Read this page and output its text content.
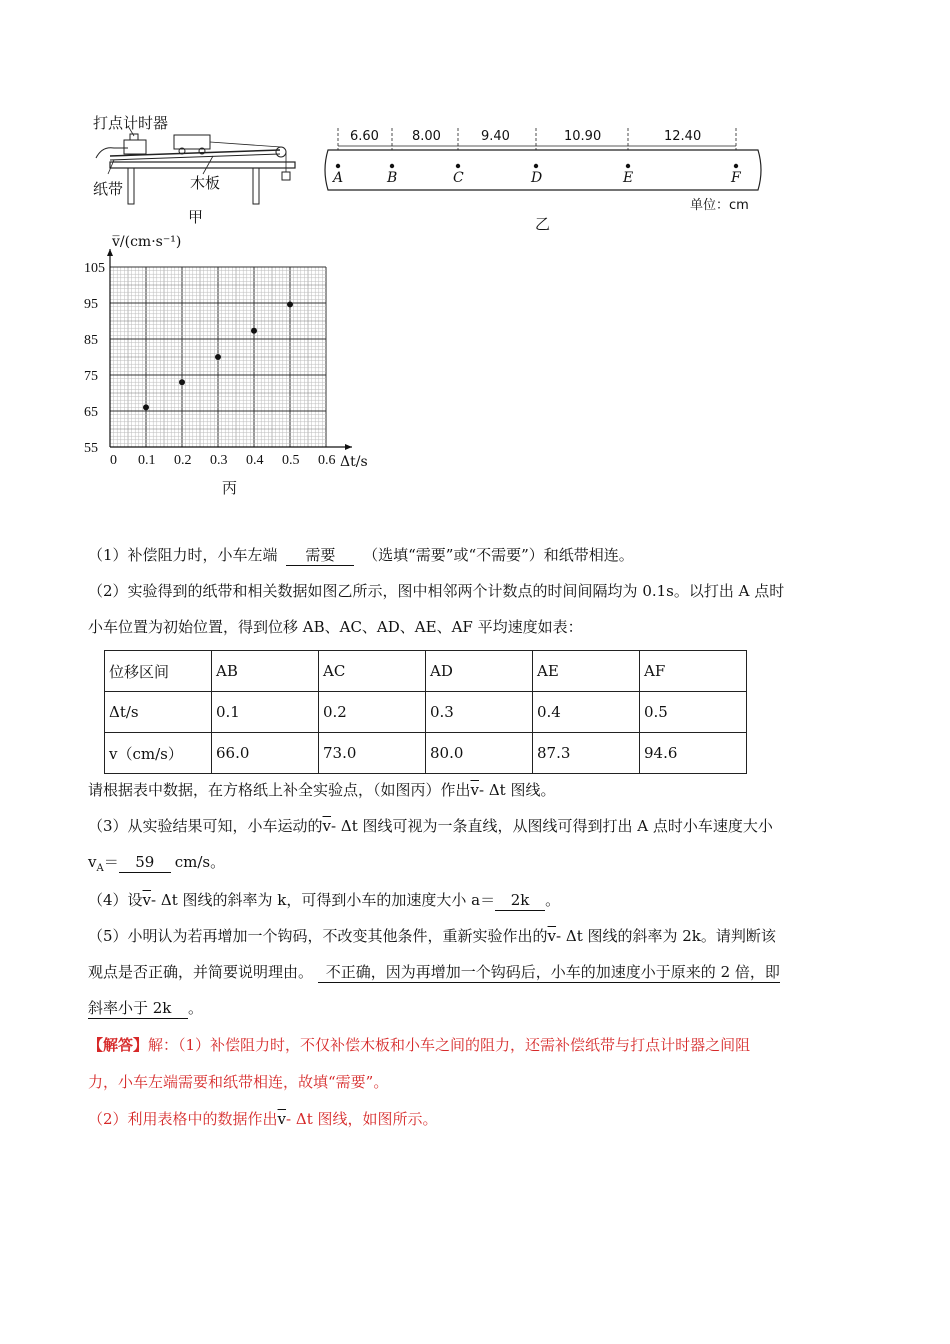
打点计时器
纸带	木板
甲
6.60	8.00	9.40	10.90	12.40
A	B	C	D	E	F
单位：cm
乙
0 0.1 0.2 0.3 0.4 0.5 0.6
55
65
75
85
95
105
v̅/(cm·s⁻¹)
Δt/s
丙
（1）补偿阻力时，小车左端 需要 （选填“需要”或“不需要”）和纸带相连。
（2）实验得到的纸带和相关数据如图乙所示，图中相邻两个计数点的时间间隔均为 0.1s。以打出 A 点时
小车位置为初始位置，得到位移 AB、AC、AD、AE、AF 平均速度如表：
位移区间	AB	AC	AD	AE	AF
Δt/s	0.1	0.2	0.3	0.4	0.5
v（cm/s）	66.0	73.0	80.0	87.3	94.6
请根据表中数据，在方格纸上补全实验点，（如图丙）作出$\overline{v}-$ Δt 图线。
（3）从实验结果可知，小车运动的$\overline{v}-$ Δt 图线可视为一条直线，从图线可得到打出 A 点时小车速度大小
$v_A= 59$ cm/s。
（4）设$\overline{v}-$ Δt 图线的斜率为 k，可得到小车的加速度大小 a＝ 2k 。
（5）小明认为若再增加一个钩码，不改变其他条件，重新实验作出的$\overline{v}-$ Δt 图线的斜率为 2k。请判断该
观点是否正确，并简要说明理由。 不正确，因为再增加一个钩码后，小车的加速度小于原来的 2 倍，即
斜率小于 2k 。
【解答】解：（1）补偿阻力时，不仅补偿木板和小车之间的阻力，还需补偿纸带与打点计时器之间阻
力，小车左端需要和纸带相连，故填“需要”。
（2）利用表格中的数据作出$\overline{v}-$ Δt 图线，如图所示。
